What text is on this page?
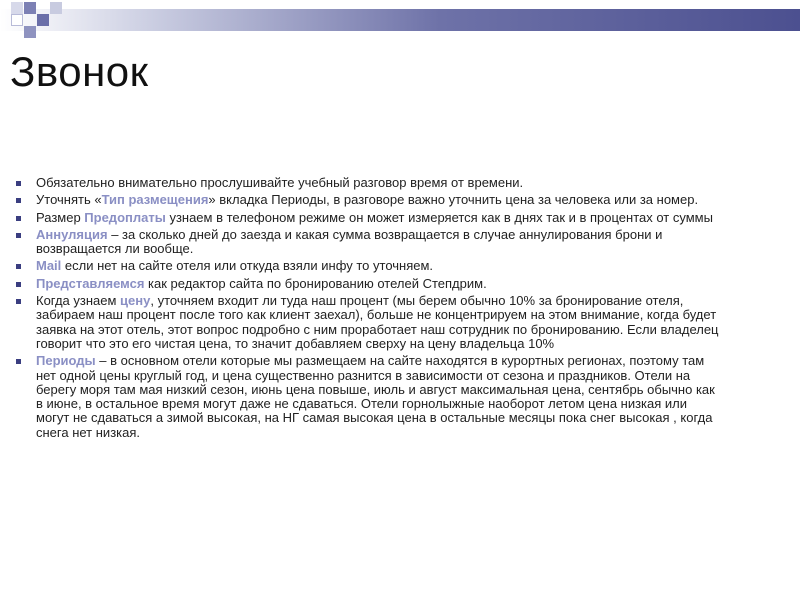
Звонок
Обязательно внимательно прослушивайте учебный разговор время от времени.
Уточнять «Тип размещения» вкладка Периоды, в разговоре важно уточнить цена за человека или за номер.
Размер Предоплаты узнаем в телефоном режиме он может измеряется как в днях так и в процентах от суммы
Аннуляция – за сколько дней до заезда и какая сумма возвращается в случае аннулирования брони и возвращается ли вообще.
Mail если нет на сайте отеля или откуда взяли инфу то уточняем.
Представляемся как редактор сайта по бронированию отелей Степдрим.
Когда узнаем цену, уточняем входит ли туда наш процент (мы берем обычно 10% за бронирование отеля, забираем наш процент после того как клиент заехал), больше не концентрируем на этом внимание, когда будет заявка на этот отель, этот вопрос подробно с ним проработает наш сотрудник по бронированию. Если владелец говорит что это его чистая цена, то значит добавляем сверху на цену владельца 10%
Периоды – в основном отели которые мы размещаем на сайте находятся в курортных регионах, поэтому там нет одной цены круглый год, и цена существенно разнится в зависимости от сезона и праздников. Отели на берегу моря там мая низкий сезон, июнь цена повыше, июль и август максимальная цена, сентябрь обычно как в июне, в остальное время могут даже не сдаваться. Отели горнолыжные наоборот летом цена низкая или могут не сдаваться а зимой высокая, на НГ самая высокая цена в остальные месяцы пока снег высокая , когда снега нет низкая.
